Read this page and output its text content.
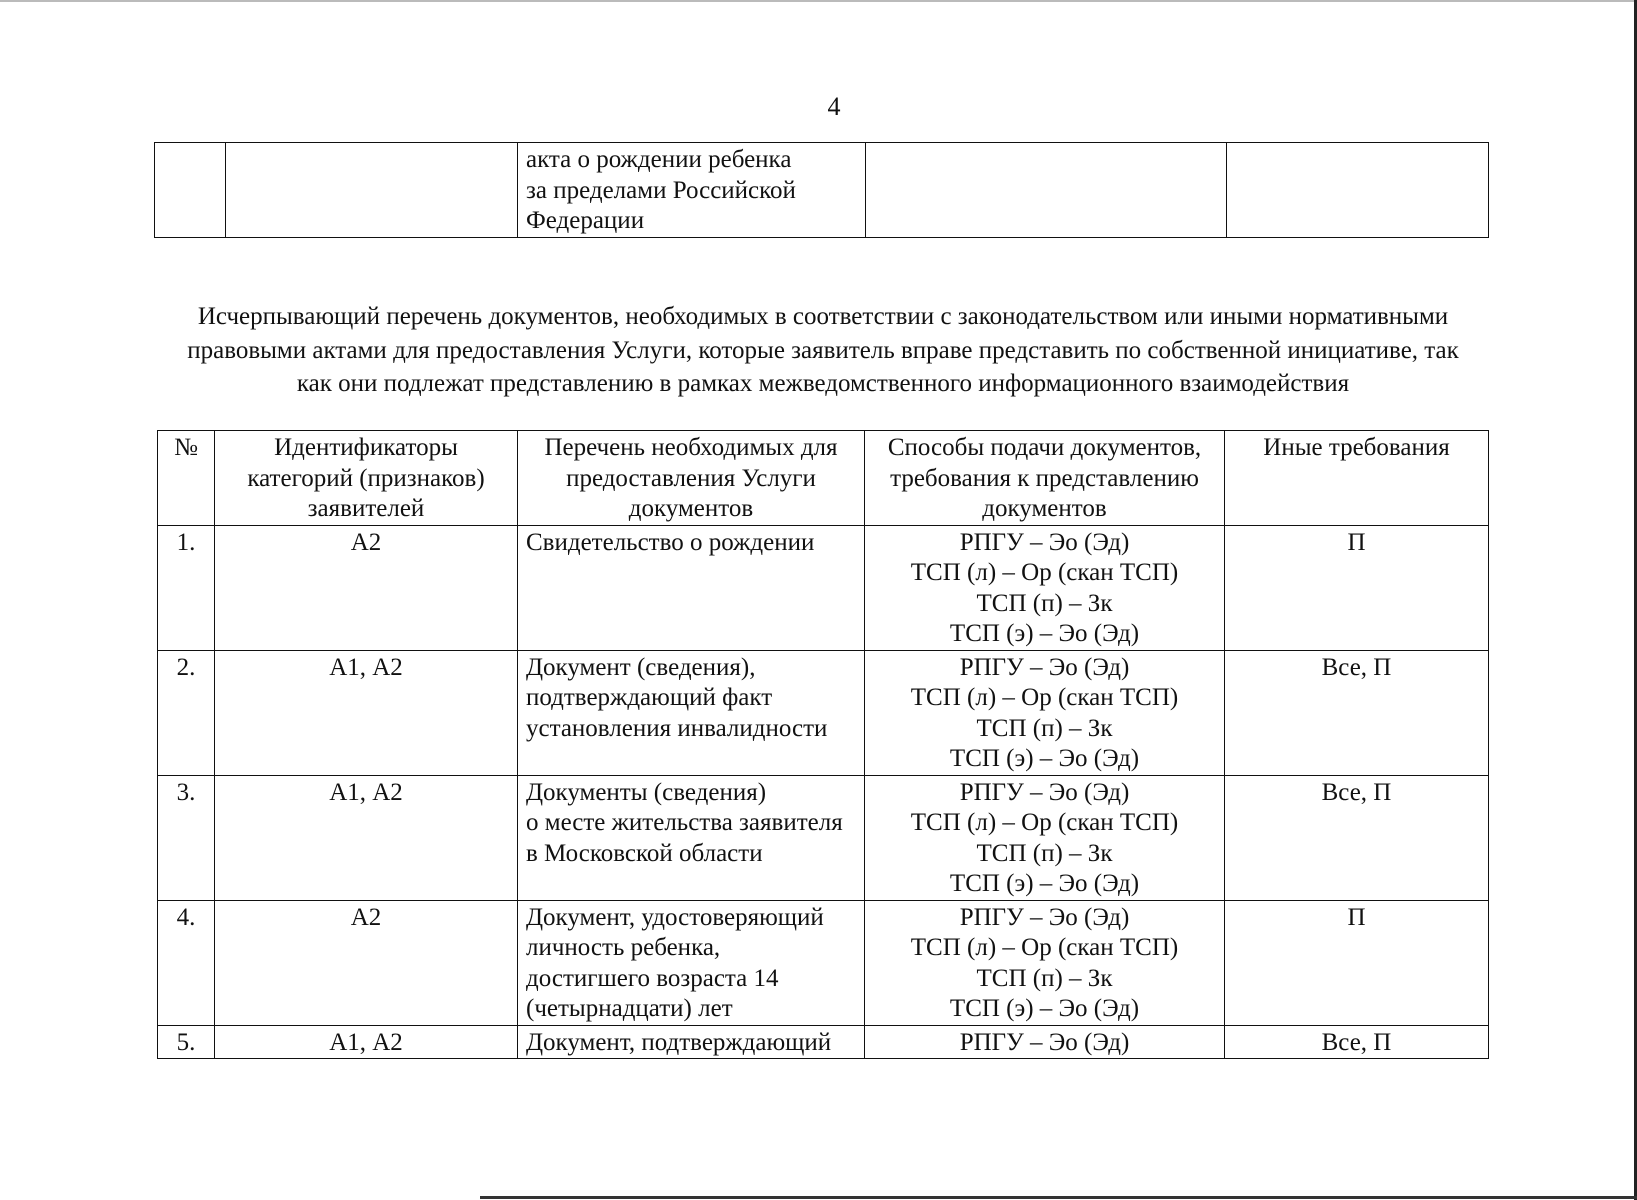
4

акта о рождении ребенка
за пределами Российской
Федерации

Исчерпывающий перечень документов, необходимых в соответствии с законодательством или иными нормативными
правовыми актами для предоставления Услуги, которые заявитель вправе представить по собственной инициативе, так
как они подлежат представлению в рамках межведомственного информационного взаимодействия
№	Идентификаторы
категорий (признаков)
заявителей	Перечень необходимых для
предоставления Услуги
документов	Способы подачи документов,
требования к представлению
документов	Иные требования

1.	А2	Свидетельство о рождении	РПГУ – Эо (Эд)
ТСП (л) – Ор (скан ТСП)
ТСП (п) – Зк
ТСП (э) – Эо (Эд)	П

2.	А1, А2	Документ (сведения),
подтверждающий факт
установления инвалидности	РПГУ – Эо (Эд)
ТСП (л) – Ор (скан ТСП)
ТСП (п) – Зк
ТСП (э) – Эо (Эд)	Все, П

3.	А1, А2	Документы (сведения)
о месте жительства заявителя
в Московской области	РПГУ – Эо (Эд)
ТСП (л) – Ор (скан ТСП)
ТСП (п) – Зк
ТСП (э) – Эо (Эд)	Все, П

4.	А2	Документ, удостоверяющий
личность ребенка,
достигшего возраста 14
(четырнадцати) лет	РПГУ – Эо (Эд)
ТСП (л) – Ор (скан ТСП)
ТСП (п) – Зк
ТСП (э) – Эо (Эд)	П

5.	А1, А2	Документ, подтверждающий	РПГУ – Эо (Эд)	Все, П
